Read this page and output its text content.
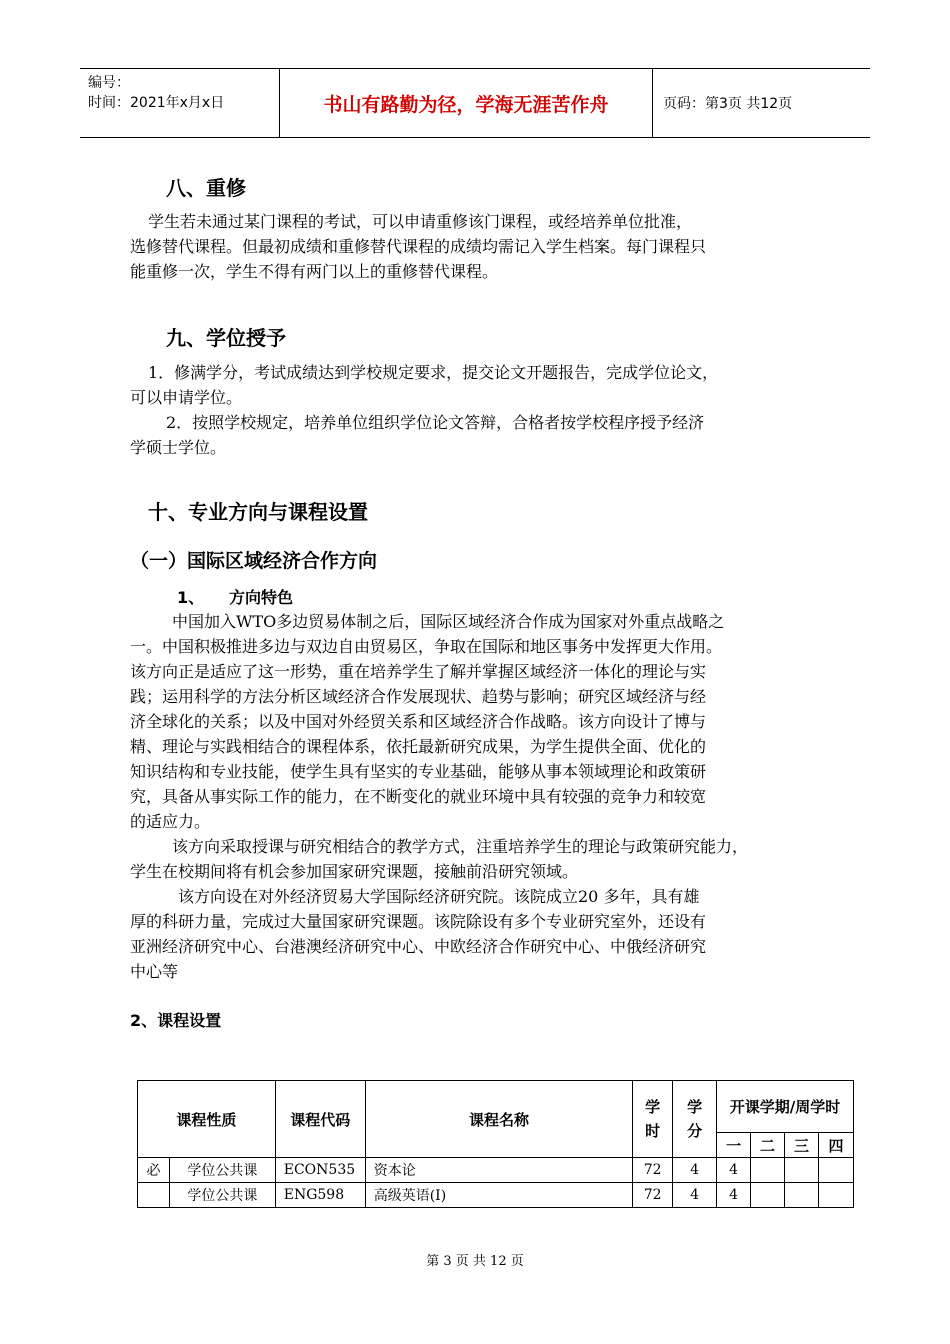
编号：
时间：2021年x月x日	书山有路勤为径，学海无涯苦作舟	页码：第3页 共12页
八、重修
学生若未通过某门课程的考试，可以申请重修该门课程，或经培养单位批准，
选修替代课程。但最初成绩和重修替代课程的成绩均需记入学生档案。每门课程只
能重修一次，学生不得有两门以上的重修替代课程。
九、学位授予
1．修满学分，考试成绩达到学校规定要求，提交论文开题报告，完成学位论文，
可以申请学位。
2．按照学校规定，培养单位组织学位论文答辩，合格者按学校程序授予经济
学硕士学位。
十、专业方向与课程设置
（一）国际区域经济合作方向
1、 方向特色
中国加入WTO多边贸易体制之后，国际区域经济合作成为国家对外重点战略之
一。中国积极推进多边与双边自由贸易区，争取在国际和地区事务中发挥更大作用。
该方向正是适应了这一形势，重在培养学生了解并掌握区域经济一体化的理论与实
践；运用科学的方法分析区域经济合作发展现状、趋势与影响；研究区域经济与经
济全球化的关系；以及中国对外经贸关系和区域经济合作战略。该方向设计了博与
精、理论与实践相结合的课程体系，依托最新研究成果，为学生提供全面、优化的
知识结构和专业技能，使学生具有坚实的专业基础，能够从事本领域理论和政策研
究，具备从事实际工作的能力，在不断变化的就业环境中具有较强的竞争力和较宽
的适应力。
该方向采取授课与研究相结合的教学方式，注重培养学生的理论与政策研究能力，
学生在校期间将有机会参加国家研究课题，接触前沿研究领域。
该方向设在对外经济贸易大学国际经济研究院。该院成立20 多年，具有雄
厚的科研力量，完成过大量国家研究课题。该院除设有多个专业研究室外，还设有
亚洲经济研究中心、台港澳经济研究中心、中欧经济合作研究中心、中俄经济研究
中心等
2、课程设置
课程性质		课程代码	课程名称	学时	学分	开课学期/周学时			
						一	二	三	四
必	学位公共课	ECON535	资本论	72	4	4			
	学位公共课	ENG598	高级英语(Ⅰ)	72	4	4			
第 3 页 共 12 页
